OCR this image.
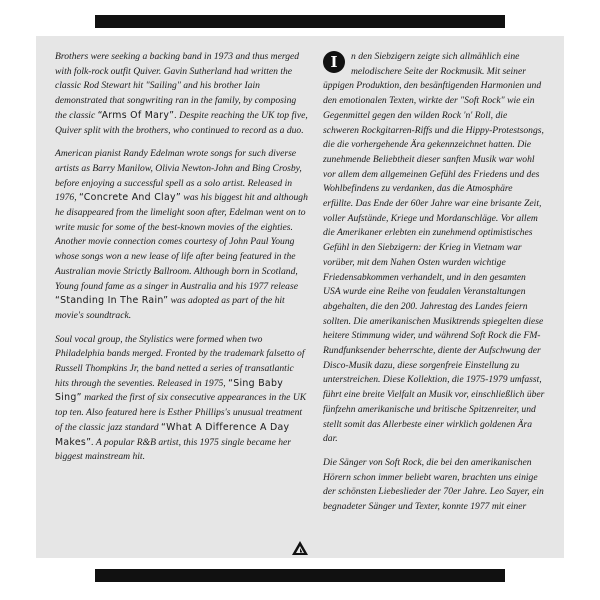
Brothers were seeking a backing band in 1973 and thus merged with folk-rock outfit Quiver. Gavin Sutherland had written the classic Rod Stewart hit "Sailing" and his brother Iain demonstrated that songwriting ran in the family, by composing the classic “Arms Of Mary”. Despite reaching the UK top five, Quiver split with the brothers, who continued to record as a duo.

American pianist Randy Edelman wrote songs for such diverse artists as Barry Manilow, Olivia Newton-John and Bing Crosby, before enjoying a successful spell as a solo artist. Released in 1976, “Concrete And Clay” was his biggest hit and although he disappeared from the limelight soon after, Edelman went on to write music for some of the best-known movies of the eighties. Another movie connection comes courtesy of John Paul Young whose songs won a new lease of life after being featured in the Australian movie Strictly Ballroom. Although born in Scotland, Young found fame as a singer in Australia and his 1977 release “Standing In The Rain” was adopted as part of the hit movie's soundtrack.

Soul vocal group, the Stylistics were formed when two Philadelphia bands merged. Fronted by the trademark falsetto of Russell Thompkins Jr, the band netted a series of transatlantic hits through the seventies. Released in 1975, “Sing Baby Sing” marked the first of six consecutive appearances in the UK top ten. Also featured here is Esther Phillips's unusual treatment of the classic jazz standard “What A Difference A Day Makes”. A popular R&B artist, this 1975 single became her biggest mainstream hit.

I	n den Siebzigern zeigte sich allmählich eine melodischere Seite der Rockmusik. Mit seiner üppigen Produktion, den besänftigenden Harmonien und den emotionalen Texten, wirkte der "Soft Rock" wie ein Gegenmittel gegen den wilden Rock 'n' Roll, die schweren Rockgitarren-Riffs und die Hippy-Protestsongs, die die vorhergehende Ära gekennzeichnet hatten. Die zunehmende Beliebtheit dieser sanften Musik war wohl vor allem dem allgemeinen Gefühl des Friedens und des Wohlbefindens zu verdanken, das die Atmosphäre erfüllte. Das Ende der 60er Jahre war eine brisante Zeit, voller Aufstände, Kriege und Mordanschläge. Vor allem die Amerikaner erlebten ein zunehmend optimistisches Gefühl in den Siebzigern: der Krieg in Vietnam war vorüber, mit dem Nahen Osten wurden wichtige Friedensabkommen verhandelt, und in den gesamten USA wurde eine Reihe von feudalen Veranstaltungen abgehalten, die den 200. Jahrestag des Landes feiern sollten. Die amerikanischen Musiktrends spiegelten diese heitere Stimmung wider, und während Soft Rock die FM-Rundfunksender beherrschte, diente der Aufschwung der Disco-Musik dazu, diese sorgenfreie Einstellung zu unterstreichen. Diese Kollektion, die 1975-1979 umfasst, führt eine breite Vielfalt an Musik vor, einschließlich über fünfzehn amerikanische und britische Spitzenreiter, und stellt somit das Allerbeste einer wirklich goldenen Ära dar.

Die Sänger von Soft Rock, die bei den amerikanischen Hörern schon immer beliebt waren, brachten uns einige der schönsten Liebeslieder der 70er Jahre. Leo Sayer, ein begnadeter Sänger und Texter, konnte 1977 mit einer
